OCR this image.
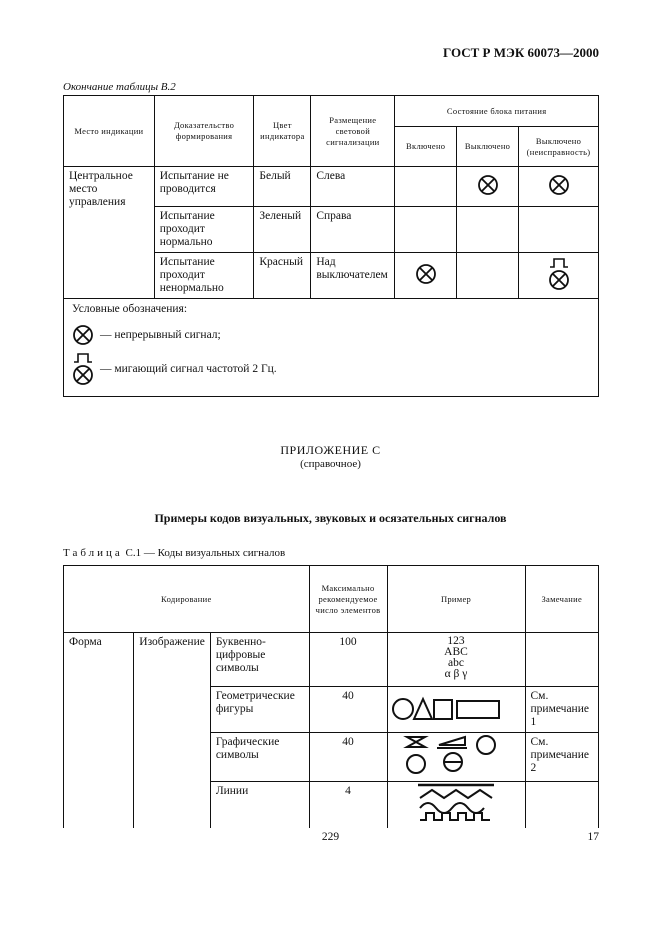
ГОСТ Р МЭК 60073—2000
Окончание таблицы В.2
Место индикации	Доказательство формирования	Цвет индикатора	Размещение световой сигнализации	Состояние блока питания		
				Включено	Выключено	Выключено (неисправность)
Центральное место управления	Испытание не проводится	Белый	Слева			
	Испытание проходит нормально	Зеленый	Справа			
	Испытание проходит ненормально	Красный	Над выключателем			

Условные обозначения:
— непрерывный сигнал;
— мигающий сигнал частотой 2 Гц.						
ПРИЛОЖЕНИЕ С
(справочное)
Примеры кодов визуальных, звуковых и осязательных сигналов
Таблица С.1 — Коды визуальных сигналов
Кодирование			Максимально рекомендуемое число элементов	Пример	Замечание
Форма	Изображение	Буквенно-цифровые символы	100	123
ABC
abc
α β γ	

		Геометрические фигуры	40		См. примечание 1
		Графические символы	40		См. примечание 2
		Линии	4		
229	17
